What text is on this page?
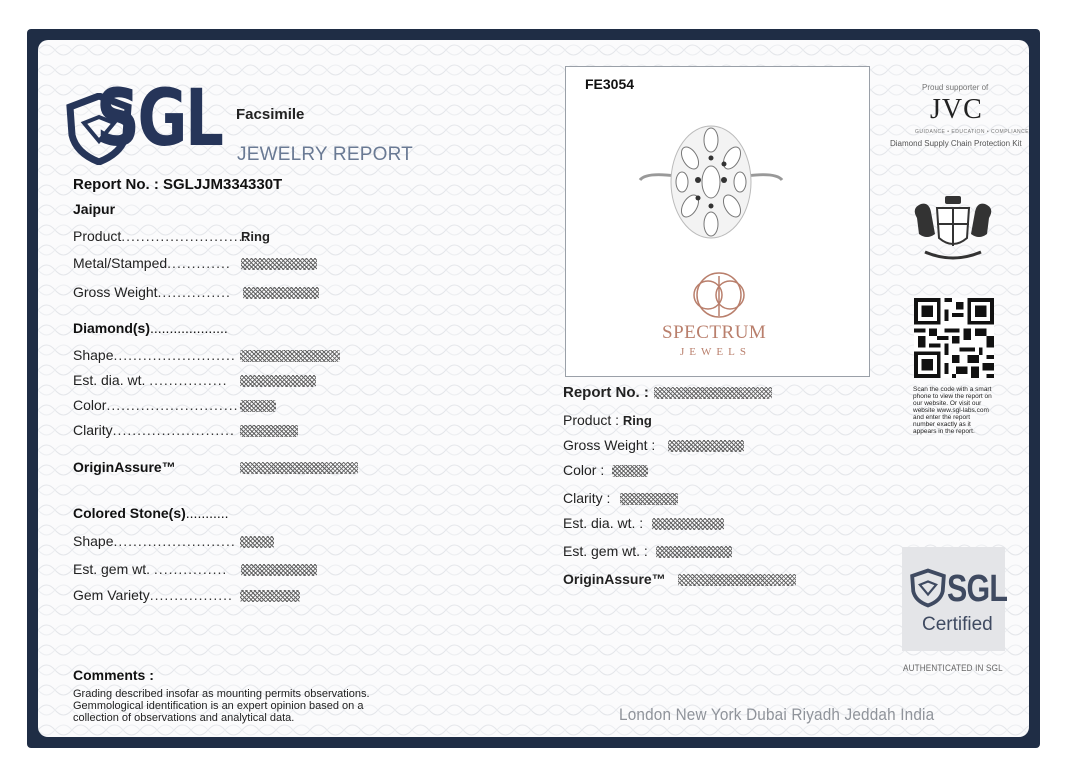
SGL Facsimile
JEWELRY REPORT
Report No. : SGLJJM334330T
Jaipur
Product..........................
Ring
Metal/Stamped.............
Gross Weight...............
Diamond(s)....................
Shape.........................
Est. dia. wt. ................
Color...........................
Clarity.........................
OriginAssure™
Colored Stone(s)...........
Shape.........................
Est. gem wt. ...............
Gem Variety.................
Comments :
Grading described insofar as mounting permits observations.
Gemmological identification is an expert opinion based on a
collection of observations and analytical data.
FE3054
SPECTRUM
JEWELS
Report No. :
Product : Ring
Gross Weight :
Color :
Clarity :
Est. dia. wt. :
Est. gem wt. :
OriginAssure™
Proud supporter of
JVC
GUIDANCE • EDUCATION • COMPLIANCE
Diamond Supply Chain Protection Kit
Scan the code with a smart phone to view the report on our website. Or visit our website www.sgl-labs.com and enter the report number exactly as it appears in the report.
SGL
Certified
AUTHENTICATED IN SGL
London New York Dubai Riyadh Jeddah India
